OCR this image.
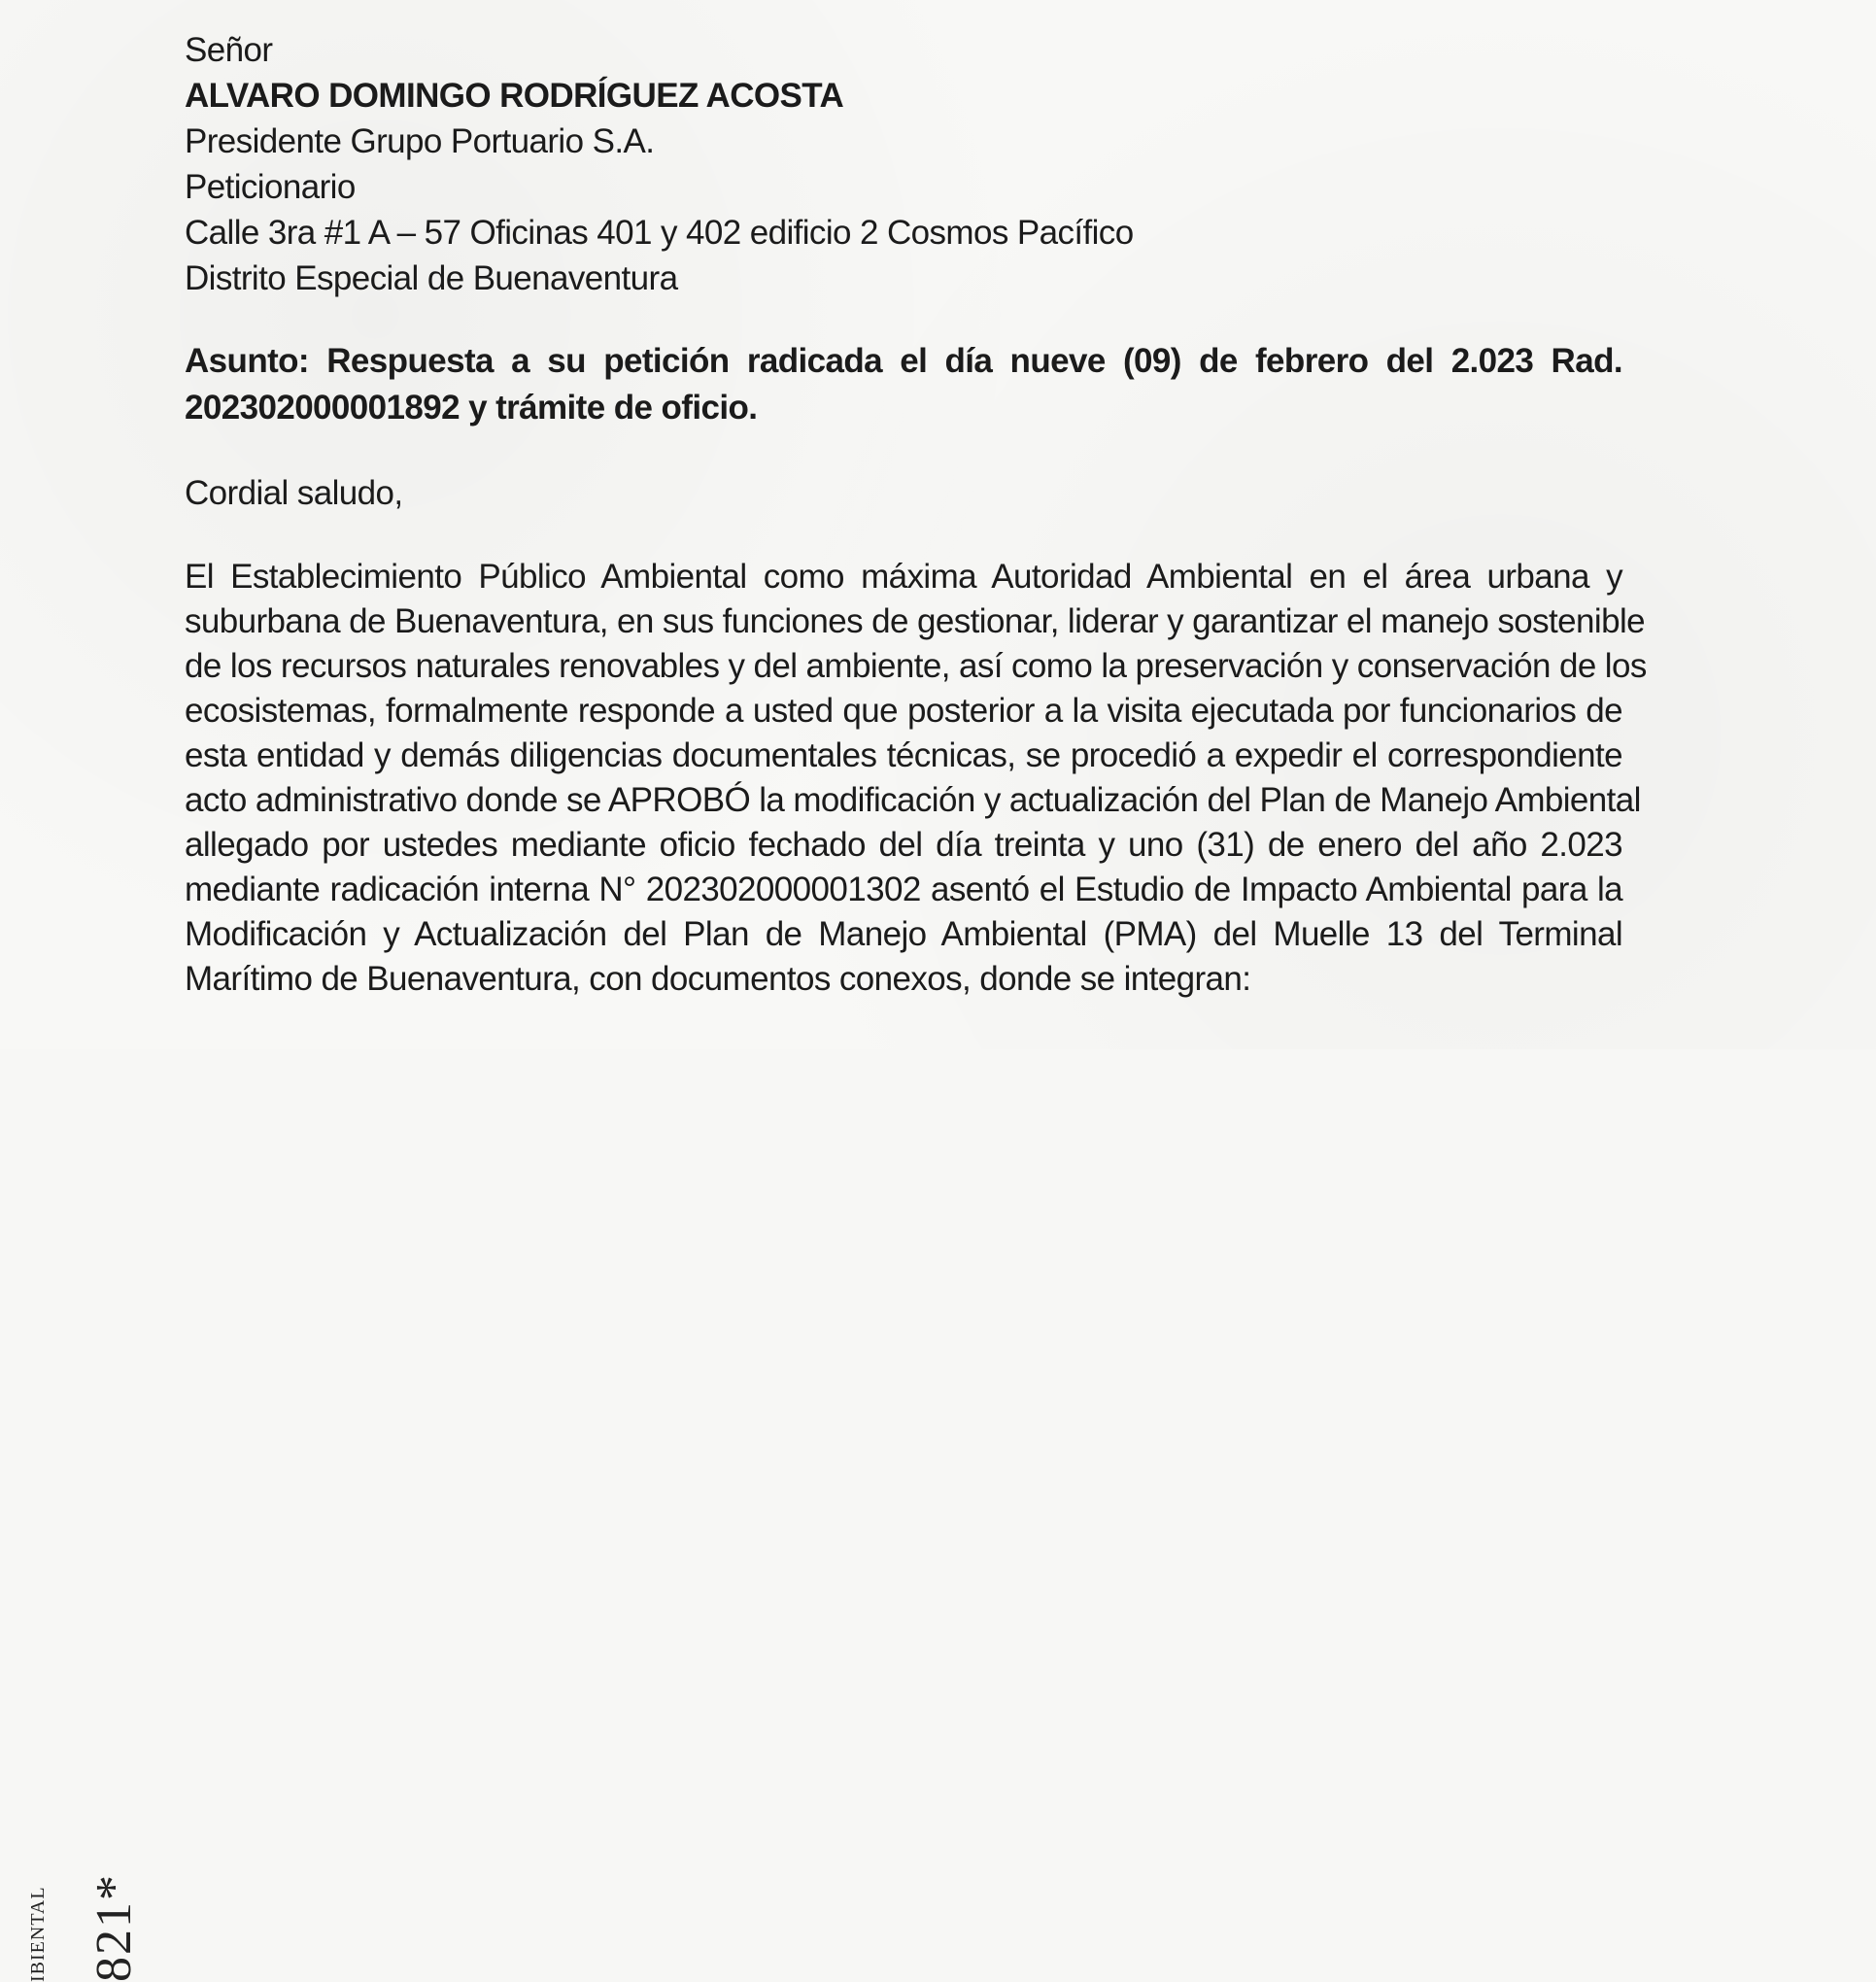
Señor
ALVARO DOMINGO RODRÍGUEZ ACOSTA
Presidente Grupo Portuario S.A.
Peticionario
Calle 3ra #1 A – 57 Oficinas 401 y 402 edificio 2 Cosmos Pacífico
Distrito Especial de Buenaventura
Asunto: Respuesta a su petición radicada el día nueve (09) de febrero del 2.023 Rad.
202302000001892 y trámite de oficio.
Cordial saludo,
El Establecimiento Público Ambiental como máxima Autoridad Ambiental en el área urbana y
suburbana de Buenaventura, en sus funciones de gestionar, liderar y garantizar el manejo sostenible
de los recursos naturales renovables y del ambiente, así como la preservación y conservación de los
ecosistemas, formalmente responde a usted que posterior a la visita ejecutada por funcionarios de
esta entidad y demás diligencias documentales técnicas, se procedió a expedir el correspondiente
acto administrativo donde se APROBÓ la modificación y actualización del Plan de Manejo Ambiental
allegado por ustedes mediante oficio fechado del día treinta y uno (31) de enero del año 2.023
mediante radicación interna N° 202302000001302 asentó el Estudio de Impacto Ambiental para la
Modificación y Actualización del Plan de Manejo Ambiental (PMA) del Muelle 13 del Terminal
Marítimo de Buenaventura, con documentos conexos, donde se integran:
IBIENTAL 821*
